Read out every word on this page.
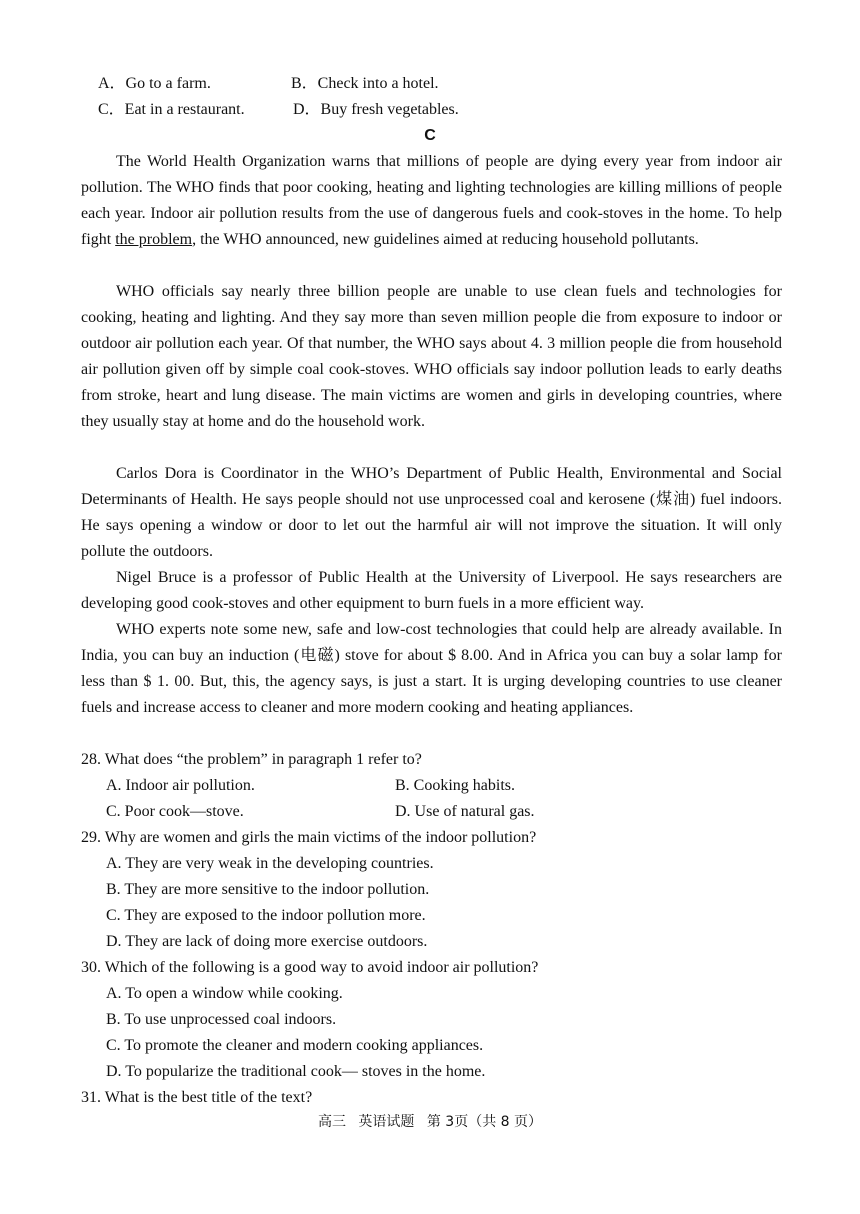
A．Go to a farm.	B．Check into a hotel.
C．Eat in a restaurant.	D．Buy fresh vegetables.
C

The World Health Organization warns that millions of people are dying every year from indoor air pollution. The WHO finds that poor cooking, heating and lighting technologies are killing millions of people each year. Indoor air pollution results from the use of dangerous fuels and cook-stoves in the home. To help fight the problem, the WHO announced, new guidelines aimed at reducing household pollutants.

WHO officials say nearly three billion people are unable to use clean fuels and technologies for cooking, heating and lighting. And they say more than seven million people die from exposure to indoor or outdoor air pollution each year. Of that number, the WHO says about 4. 3 million people die from household air pollution given off by simple coal cook-stoves. WHO officials say indoor pollution leads to early deaths from stroke, heart and lung disease. The main victims are women and girls in developing countries, where they usually stay at home and do the household work.

Carlos Dora is Coordinator in the WHO’s Department of Public Health, Environmental and Social Determinants of Health. He says people should not use unprocessed coal and kerosene (煤油) fuel indoors. He says opening a window or door to let out the harmful air will not improve the situation. It will only pollute the outdoors.

Nigel Bruce is a professor of Public Health at the University of Liverpool. He says researchers are developing good cook-stoves and other equipment to burn fuels in a more efficient way.

WHO experts note some new, safe and low-cost technologies that could help are already available. In India, you can buy an induction (电磁) stove for about $ 8.00. And in Africa you can buy a solar lamp for less than $ 1. 00. But, this, the agency says, is just a start. It is urging developing countries to use cleaner fuels and increase access to cleaner and more modern cooking and heating appliances.

28. What does “the problem” in paragraph 1 refer to?
A. Indoor air pollution.	B. Cooking habits.
C. Poor cook—stove.	D. Use of natural gas.
29. Why are women and girls the main victims of the indoor pollution?
A. They are very weak in the developing countries.
B. They are more sensitive to the indoor pollution.
C. They are exposed to the indoor pollution more.
D. They are lack of doing more exercise outdoors.
30. Which of the following is a good way to avoid indoor air pollution?
A. To open a window while cooking.
B. To use unprocessed coal indoors.
C. To promote the cleaner and modern cooking appliances.
D. To popularize the traditional cook— stoves in the home.
31. What is the best title of the text?
高三 英语试题 第 3页（共 8 页）
